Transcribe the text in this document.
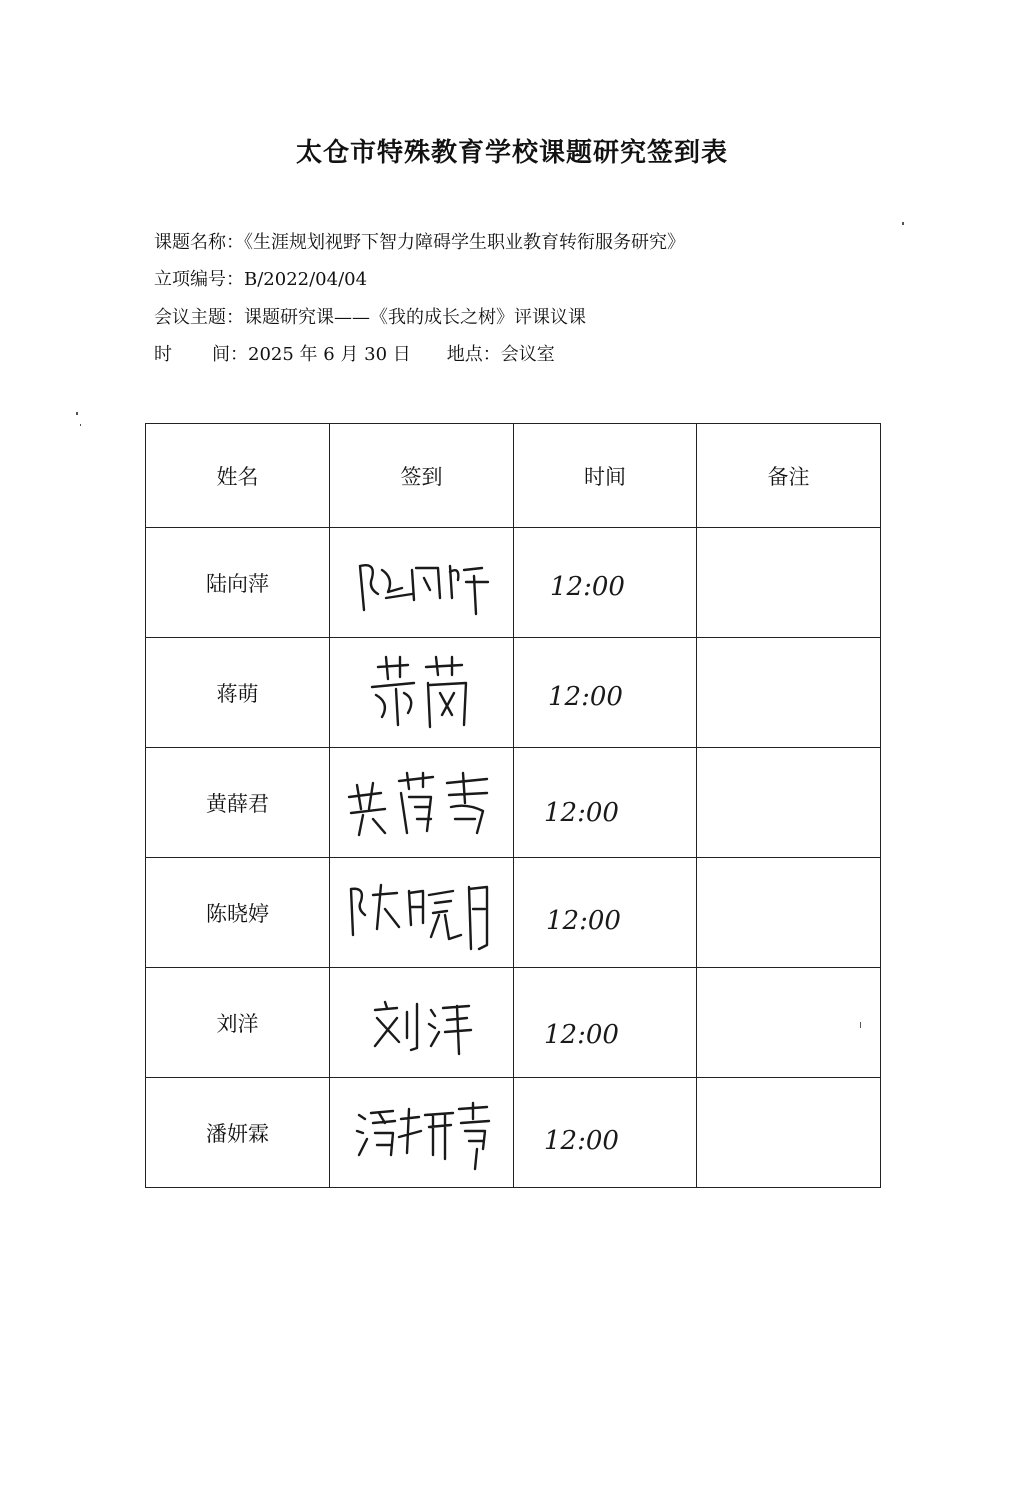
太仓市特殊教育学校课题研究签到表
课题名称：《生涯规划视野下智力障碍学生职业教育转衔服务研究》
立项编号：B/2022/04/04
会议主题：课题研究课——《我的成长之树》评课议课
时 间：2025 年 6 月 30 日 地点：会议室
姓名	签到	时间	备注
陆向萍		12:00	

蒋萌		12:00	

黄薛君		12:00	

陈晓婷		12:00	

刘洋		12:00	

潘妍霖		12:00	
